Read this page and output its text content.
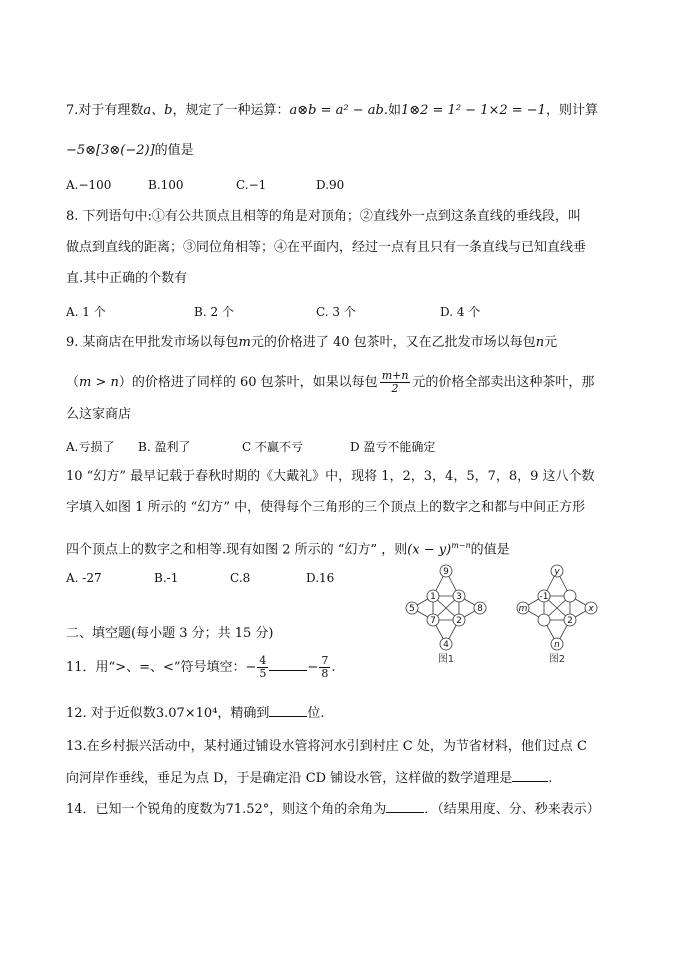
7.对于有理数a、b，规定了一种运算：a⊗b = a² − ab.如1⊗2 = 1² − 1×2 = −1，则计算
−5⊗[3⊗(−2)]的值是
A.−100	B.100	C.−1	D.90
8. 下列语句中:①有公共顶点且相等的角是对顶角；②直线外一点到这条直线的垂线段，叫
做点到直线的距离；③同位角相等；④在平面内，经过一点有且只有一条直线与已知直线垂
直.其中正确的个数有
A. 1 个	B. 2 个	C. 3 个	D. 4 个
9. 某商店在甲批发市场以每包m元的价格进了 40 包茶叶，又在乙批发市场以每包n元
（m > n）的价格进了同样的 60 包茶叶，如果以每包 $\frac{m+n}{2}$ 元的价格全部卖出这种茶叶，那
么这家商店
A.亏损了 B. 盈利了	C 不赢不亏	D 盈亏不能确定
10 “幻方” 最早记载于春秋时期的《大戴礼》中，现将 1，2，3，4，5，7，8，9 这八个数
字填入如图 1 所示的 “幻方” 中，使得每个三角形的三个顶点上的数字之和都与中间正方形
四个顶点上的数字之和相等.现有如图 2 所示的 “幻方” ，则$(x - y)^{m-n}$的值是
A. -27	B.-1	C.8	D.16	9
1 3
5	8
7 2
4
图1
y
-1
m	x
2
n
图2
二、填空题(每小题 3 分；共 15 分)
11．用“>、=、<”符号填空：− $\frac{4}{5}$	− $\frac{7}{8}$ .
12. 对于近似数3.07×10⁴，精确到	位.
13.在乡村振兴活动中，某村通过铺设水管将河水引到村庄 C 处，为节省材料，他们过点 C
向河岸作垂线，垂足为点 D，于是确定沿 CD 铺设水管，这样做的数学道理是	.
14．已知一个锐角的度数为71.52°，则这个角的余角为	．（结果用度、分、秒来表示）
